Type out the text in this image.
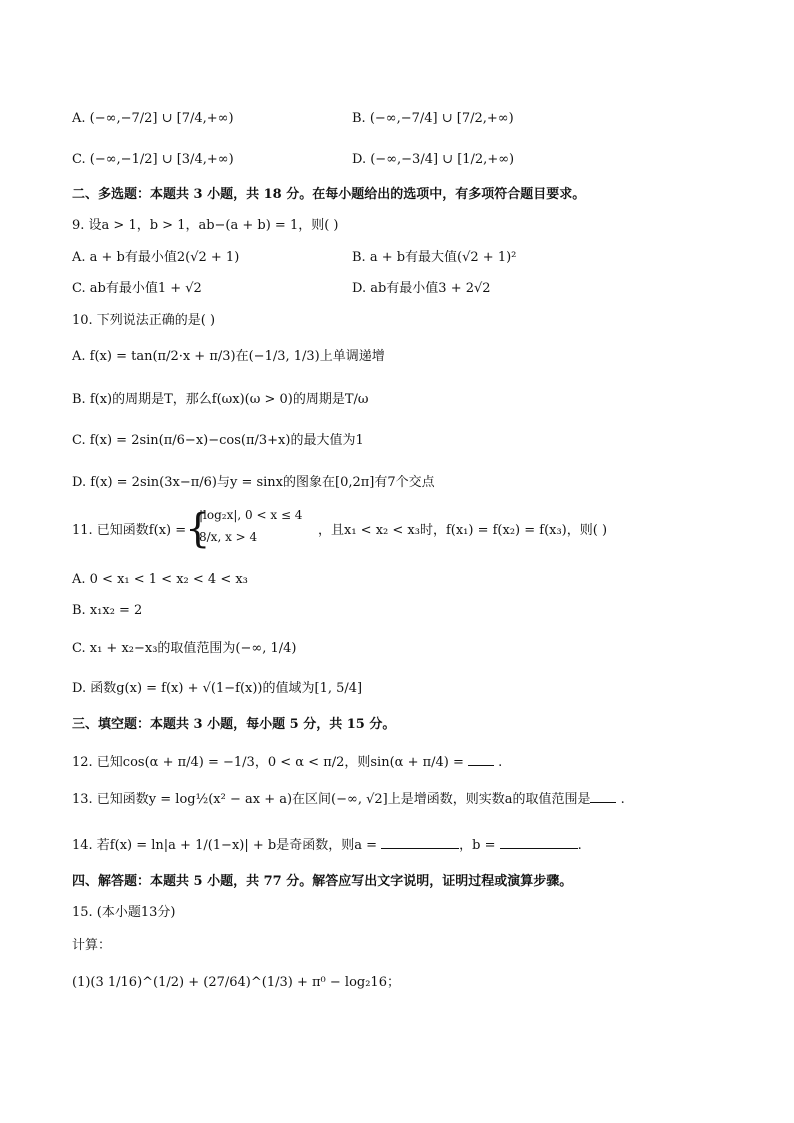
A. (−∞,−7/2] ∪ [7/4,+∞)	B. (−∞,−7/4] ∪ [7/2,+∞)
C. (−∞,−1/2] ∪ [3/4,+∞)	D. (−∞,−3/4] ∪ [1/2,+∞)
二、多选题：本题共 3 小题，共 18 分。在每小题给出的选项中，有多项符合题目要求。
9. 设a > 1，b > 1，ab−(a + b) = 1，则( )
A. a + b有最小值2(√2 + 1)	B. a + b有最大值(√2 + 1)²
C. ab有最小值1 + √2	D. ab有最小值3 + 2√2
10. 下列说法正确的是( )
A. f(x) = tan(π/2·x + π/3)在(−1/3, 1/3)上单调递增
B. f(x)的周期是T，那么f(ωx)(ω > 0)的周期是T/ω
C. f(x) = 2sin(π/6−x)−cos(π/3+x)的最大值为1
D. f(x) = 2sin(3x−π/6)与y = sinx的图象在[0,2π]有7个交点
11. 已知函数f(x) =
{
|log₂x|, 0 < x ≤ 4
8/x, x > 4	，且x₁ < x₂ < x₃时，f(x₁) = f(x₂) = f(x₃)，则( )
A. 0 < x₁ < 1 < x₂ < 4 < x₃
B. x₁x₂ = 2
C. x₁ + x₂−x₃的取值范围为(−∞, 1/4)
D. 函数g(x) = f(x) + √(1−f(x))的值域为[1, 5/4]
三、填空题：本题共 3 小题，每小题 5 分，共 15 分。
12. 已知cos(α + π/4) = −1/3，0 < α < π/2，则sin(α + π/4) =  .
13. 已知函数y = log½(x² − ax + a)在区间(−∞, √2]上是增函数，则实数a的取值范围是 .
14. 若f(x) = ln|a + 1/(1−x)| + b是奇函数，则a =	，b =	.
四、解答题：本题共 5 小题，共 77 分。解答应写出文字说明，证明过程或演算步骤。
15. (本小题13分)
计算：
(1)(3 1/16)^(1/2) + (27/64)^(1/3) + π⁰ − log₂16；
